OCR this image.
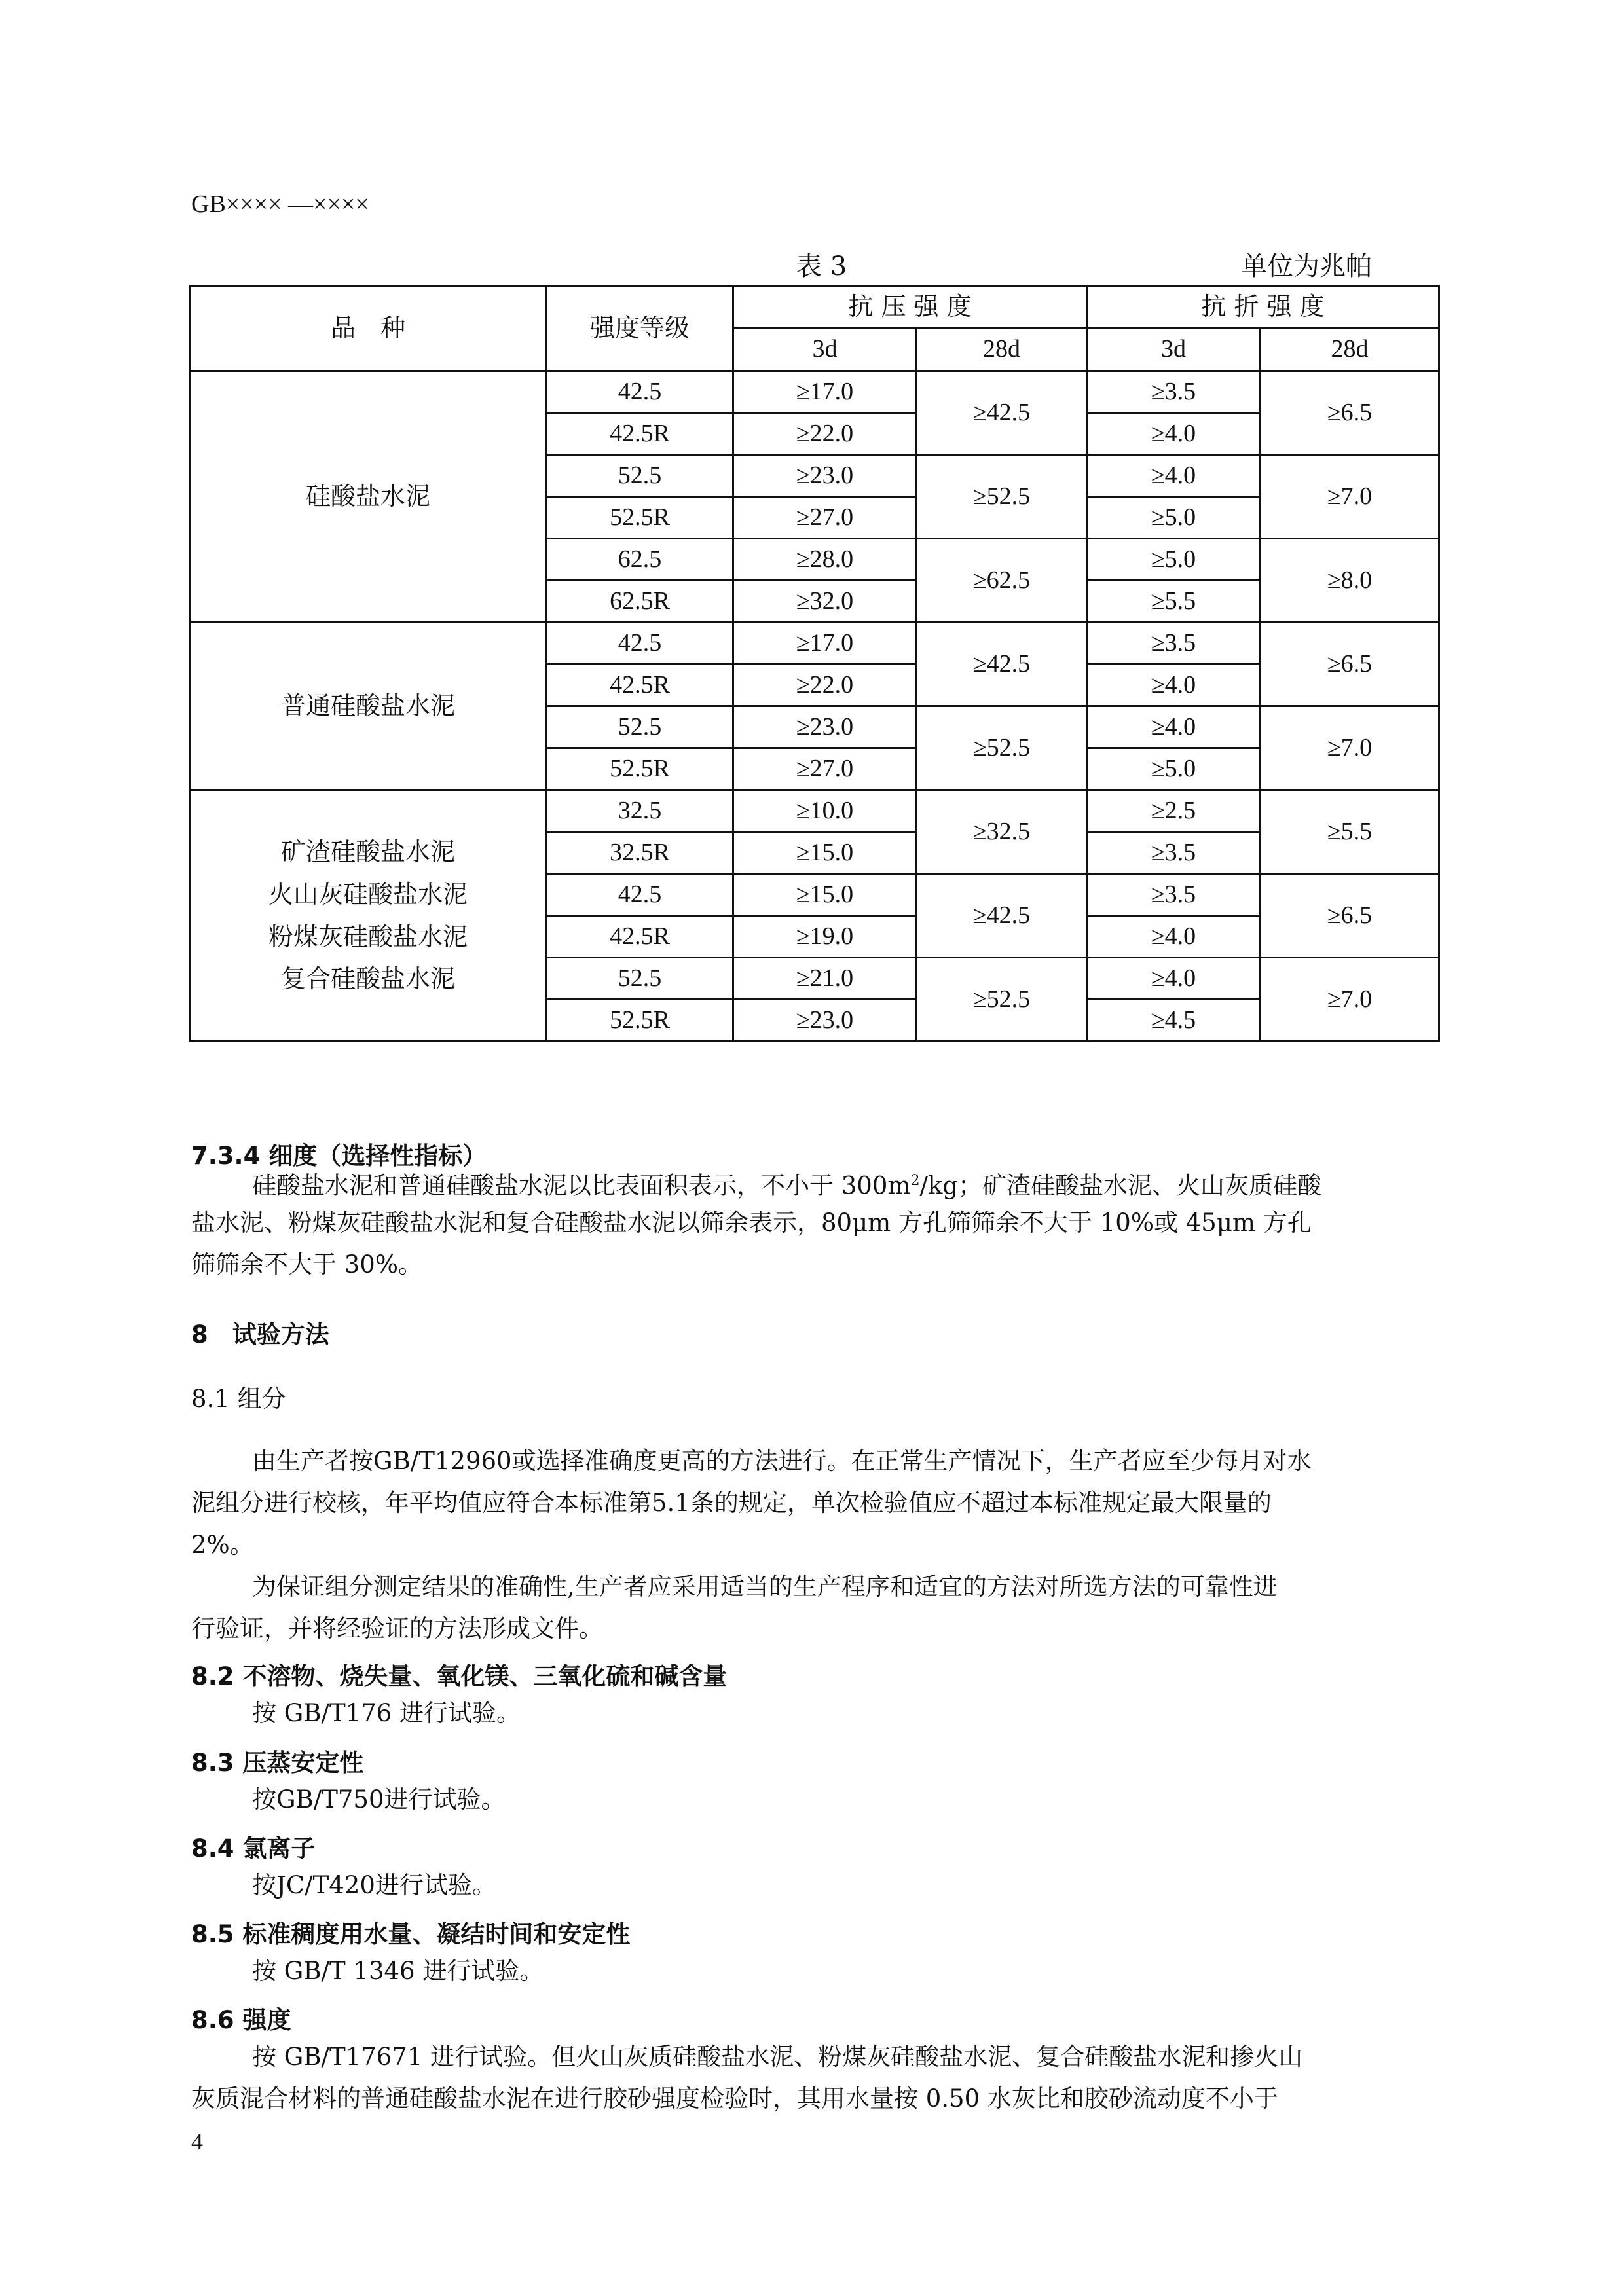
GB×××× —××××
表 3	单位为兆帕
品　种	强度等级	抗 压 强 度		抗 折 强 度	
		3d	28d	3d	28d

硅酸盐水泥	42.5	≥17.0	≥42.5	≥3.5	≥6.5
	42.5R	≥22.0		≥4.0	
	52.5	≥23.0	≥52.5	≥4.0	≥7.0
	52.5R	≥27.0		≥5.0	
	62.5	≥28.0	≥62.5	≥5.0	≥8.0
	62.5R	≥32.0		≥5.5	

普通硅酸盐水泥	42.5	≥17.0	≥42.5	≥3.5	≥6.5
	42.5R	≥22.0		≥4.0	
	52.5	≥23.0	≥52.5	≥4.0	≥7.0
	52.5R	≥27.0		≥5.0	

矿渣硅酸盐水泥
火山灰硅酸盐水泥
粉煤灰硅酸盐水泥
复合硅酸盐水泥	32.5	≥10.0	≥32.5	≥2.5	≥5.5
	32.5R	≥15.0		≥3.5	
	42.5	≥15.0	≥42.5	≥3.5	≥6.5
	42.5R	≥19.0		≥4.0	
	52.5	≥21.0	≥52.5	≥4.0	≥7.0
	52.5R	≥23.0		≥4.5	
7.3.4 细度（选择性指标）
硅酸盐水泥和普通硅酸盐水泥以比表面积表示，不小于 $300m^2/kg$；矿渣硅酸盐水泥、火山灰质硅酸
盐水泥、粉煤灰硅酸盐水泥和复合硅酸盐水泥以筛余表示，80μm 方孔筛筛余不大于 10%或 45μm 方孔
筛筛余不大于 30%。
8　试验方法
8.1 组分
由生产者按GB/T12960或选择准确度更高的方法进行。在正常生产情况下，生产者应至少每月对水
泥组分进行校核，年平均值应符合本标准第5.1条的规定，单次检验值应不超过本标准规定最大限量的
2%。
为保证组分测定结果的准确性,生产者应采用适当的生产程序和适宜的方法对所选方法的可靠性进
行验证，并将经验证的方法形成文件。
8.2 不溶物、烧失量、氧化镁、三氧化硫和碱含量
按 GB/T176 进行试验。
8.3 压蒸安定性
按GB/T750进行试验。
8.4 氯离子
按JC/T420进行试验。
8.5 标准稠度用水量、凝结时间和安定性
按 GB/T 1346 进行试验。
8.6 强度
按 GB/T17671 进行试验。但火山灰质硅酸盐水泥、粉煤灰硅酸盐水泥、复合硅酸盐水泥和掺火山
灰质混合材料的普通硅酸盐水泥在进行胶砂强度检验时，其用水量按 0.50 水灰比和胶砂流动度不小于
4
